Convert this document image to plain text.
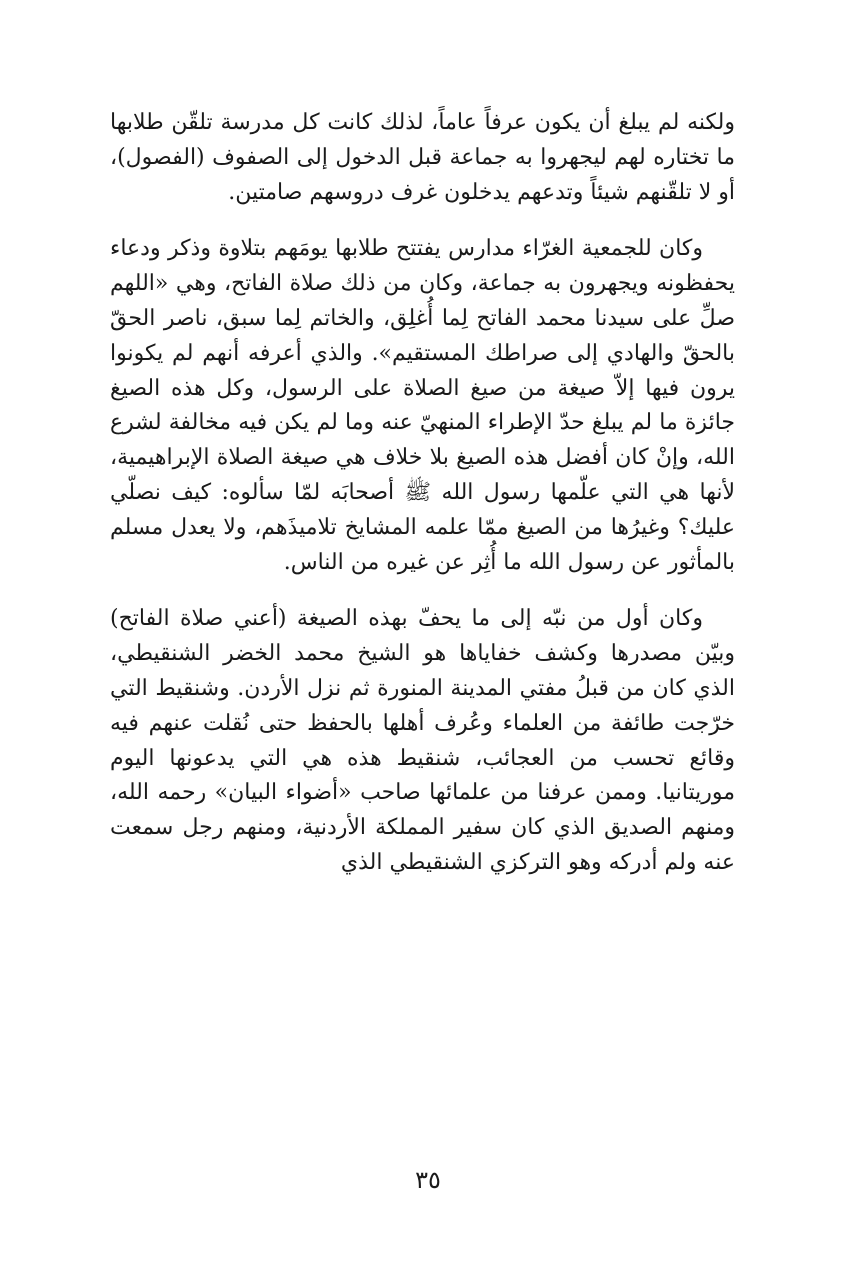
ولكنه لم يبلغ أن يكون عرفاً عاماً، لذلك كانت كل مدرسة تلقّن طلابها ما تختاره لهم ليجهروا به جماعة قبل الدخول إلى الصفوف (الفصول)، أو لا تلقّنهم شيئاً وتدعهم يدخلون غرف دروسهم صامتين.

وكان للجمعية الغرّاء مدارس يفتتح طلابها يومَهم بتلاوة وذكر ودعاء يحفظونه ويجهرون به جماعة، وكان من ذلك صلاة الفاتح، وهي «اللهم صلِّ على سيدنا محمد الفاتح لِما أُغلِق، والخاتم لِما سبق، ناصر الحقّ بالحقّ والهادي إلى صراطك المستقيم». والذي أعرفه أنهم لم يكونوا يرون فيها إلاّ صيغة من صيغ الصلاة على الرسول، وكل هذه الصيغ جائزة ما لم يبلغ حدّ الإطراء المنهيّ عنه وما لم يكن فيه مخالفة لشرع الله، وإنْ كان أفضل هذه الصيغ بلا خلاف هي صيغة الصلاة الإبراهيمية، لأنها هي التي علّمها رسول الله ﷺ أصحابَه لمّا سألوه: كيف نصلّي عليك؟ وغيرُها من الصيغ ممّا علمه المشايخ تلاميذَهم، ولا يعدل مسلم بالمأثور عن رسول الله ما أُثِر عن غيره من الناس.

وكان أول من نبّه إلى ما يحفّ بهذه الصيغة (أعني صلاة الفاتح) وبيّن مصدرها وكشف خفاياها هو الشيخ محمد الخضر الشنقيطي، الذي كان من قبلُ مفتي المدينة المنورة ثم نزل الأردن. وشنقيط التي خرّجت طائفة من العلماء وعُرف أهلها بالحفظ حتى نُقلت عنهم فيه وقائع تحسب من العجائب، شنقيط هذه هي التي يدعونها اليوم موريتانيا. وممن عرفنا من علمائها صاحب «أضواء البيان» رحمه الله، ومنهم الصديق الذي كان سفير المملكة الأردنية، ومنهم رجل سمعت عنه ولم أدركه وهو التركزي الشنقيطي الذي

٣٥
